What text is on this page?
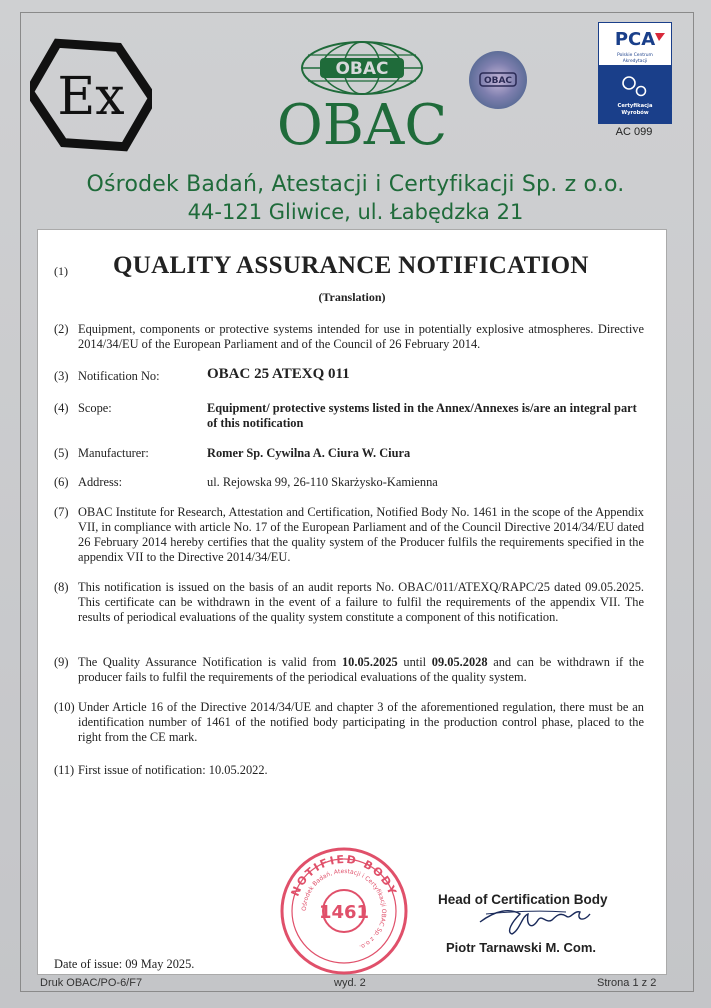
Ex	OBAC
OBAC
OBAC
PCA
Polskie Centrum
Akredytacji
Certyfikacja
Wyrobów
AC 099
Ośrodek Badań, Atestacji i Certyfikacji Sp. z o.o.
44-121 Gliwice, ul. Łabędzka 21
(1) QUALITY ASSURANCE NOTIFICATION
(Translation)
(2) Equipment, components or protective systems intended for use in potentially explosive atmospheres. Directive 2014/34/EU of the European Parliament and of the Council of 26 February 2014.
(3) Notification No:	OBAC 25 ATEXQ 011
(4) Scope:	Equipment/ protective systems listed in the Annex/Annexes is/are an integral part of this notification
(5) Manufacturer:	Romer Sp. Cywilna A. Ciura W. Ciura
(6) Address:	ul. Rejowska 99, 26-110 Skarżysko-Kamienna
(7) OBAC Institute for Research, Attestation and Certification, Notified Body No. 1461 in the scope of the Appendix VII, in compliance with article No. 17 of the European Parliament and of the Council Directive 2014/34/EU dated 26 February 2014 hereby certifies that the quality system of the Producer fulfils the requirements specified in the appendix VII to the Directive 2014/34/EU.
(8) This notification is issued on the basis of an audit reports No. OBAC/011/ATEXQ/RAPC/25 dated 09.05.2025. This certificate can be withdrawn in the event of a failure to fulfil the requirements of the appendix VII. The results of periodical evaluations of the quality system constitute a component of this notification.
(9) The Quality Assurance Notification is valid from 10.05.2025 until 09.05.2028 and can be withdrawn if the producer fails to fulfil the requirements of the periodical evaluations of the quality system.
(10) Under Article 16 of the Directive 2014/34/UE and chapter 3 of the aforementioned regulation, there must be an identification number of 1461 of the notified body participating in the production control phase, placed to the right from the CE mark.
(11) First issue of notification: 10.05.2022.
NOTIFIED BODY
Ośrodek Badań, Atestacji i Certyfikacji OBAC Sp. z o.o.
1461
Head of Certification Body
Piotr Tarnawski M. Com.
Date of issue: 09 May 2025.
Druk OBAC/PO-6/F7	wyd. 2	Strona 1 z 2
